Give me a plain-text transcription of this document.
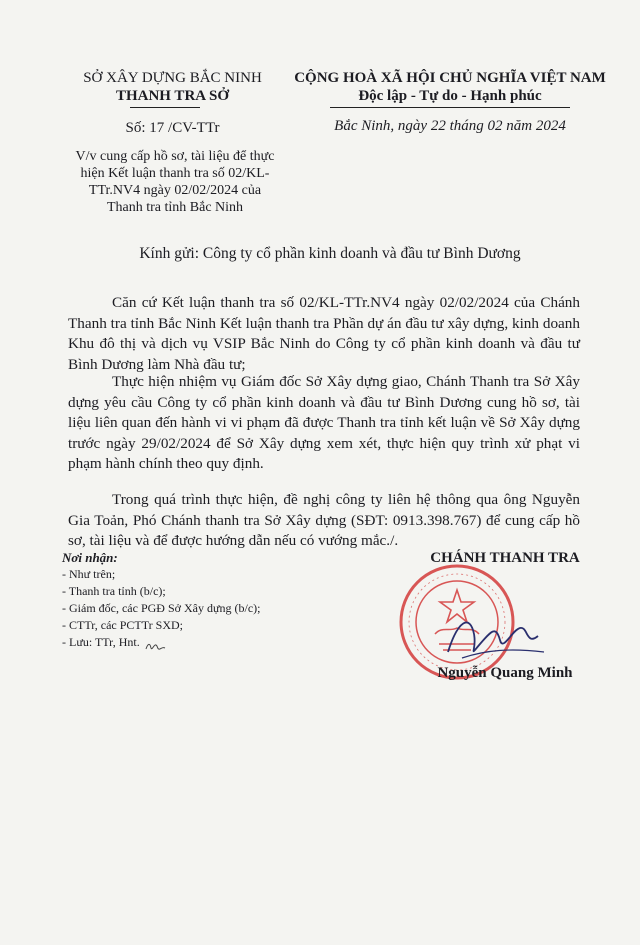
SỞ XÂY DỰNG BẮC NINH
THANH TRA SỞ
Số: 17 /CV-TTr
V/v cung cấp hồ sơ, tài liệu để thực hiện Kết luận thanh tra số 02/KL-TTr.NV4 ngày 02/02/2024 của Thanh tra tỉnh Bắc Ninh
CỘNG HOÀ XÃ HỘI CHỦ NGHĨA VIỆT NAM
Độc lập - Tự do - Hạnh phúc
Bắc Ninh, ngày 22 tháng 02 năm 2024
Kính gửi: Công ty cổ phần kinh doanh và đầu tư Bình Dương
Căn cứ Kết luận thanh tra số 02/KL-TTr.NV4 ngày 02/02/2024 của Chánh Thanh tra tỉnh Bắc Ninh Kết luận thanh tra Phần dự án đầu tư xây dựng, kinh doanh Khu đô thị và dịch vụ VSIP Bắc Ninh do Công ty cổ phần kinh doanh và đầu tư Bình Dương làm Nhà đầu tư;
Thực hiện nhiệm vụ Giám đốc Sở Xây dựng giao, Chánh Thanh tra Sở Xây dựng yêu cầu Công ty cổ phần kinh doanh và đầu tư Bình Dương cung hồ sơ, tài liệu liên quan đến hành vi vi phạm đã được Thanh tra tỉnh kết luận về Sở Xây dựng trước ngày 29/02/2024 để Sở Xây dựng xem xét, thực hiện quy trình xử phạt vi phạm hành chính theo quy định.
Trong quá trình thực hiện, đề nghị công ty liên hệ thông qua ông Nguyễn Gia Toản, Phó Chánh thanh tra Sở Xây dựng (SĐT: 0913.398.767) để cung cấp hồ sơ, tài liệu và để được hướng dẫn nếu có vướng mắc./.
Nơi nhận:
- Như trên;
- Thanh tra tỉnh (b/c);
- Giám đốc, các PGĐ Sở Xây dựng (b/c);
- CTTr, các PCTTr SXD;
- Lưu: TTr, Hnt.
CHÁNH THANH TRA
Nguyễn Quang Minh
